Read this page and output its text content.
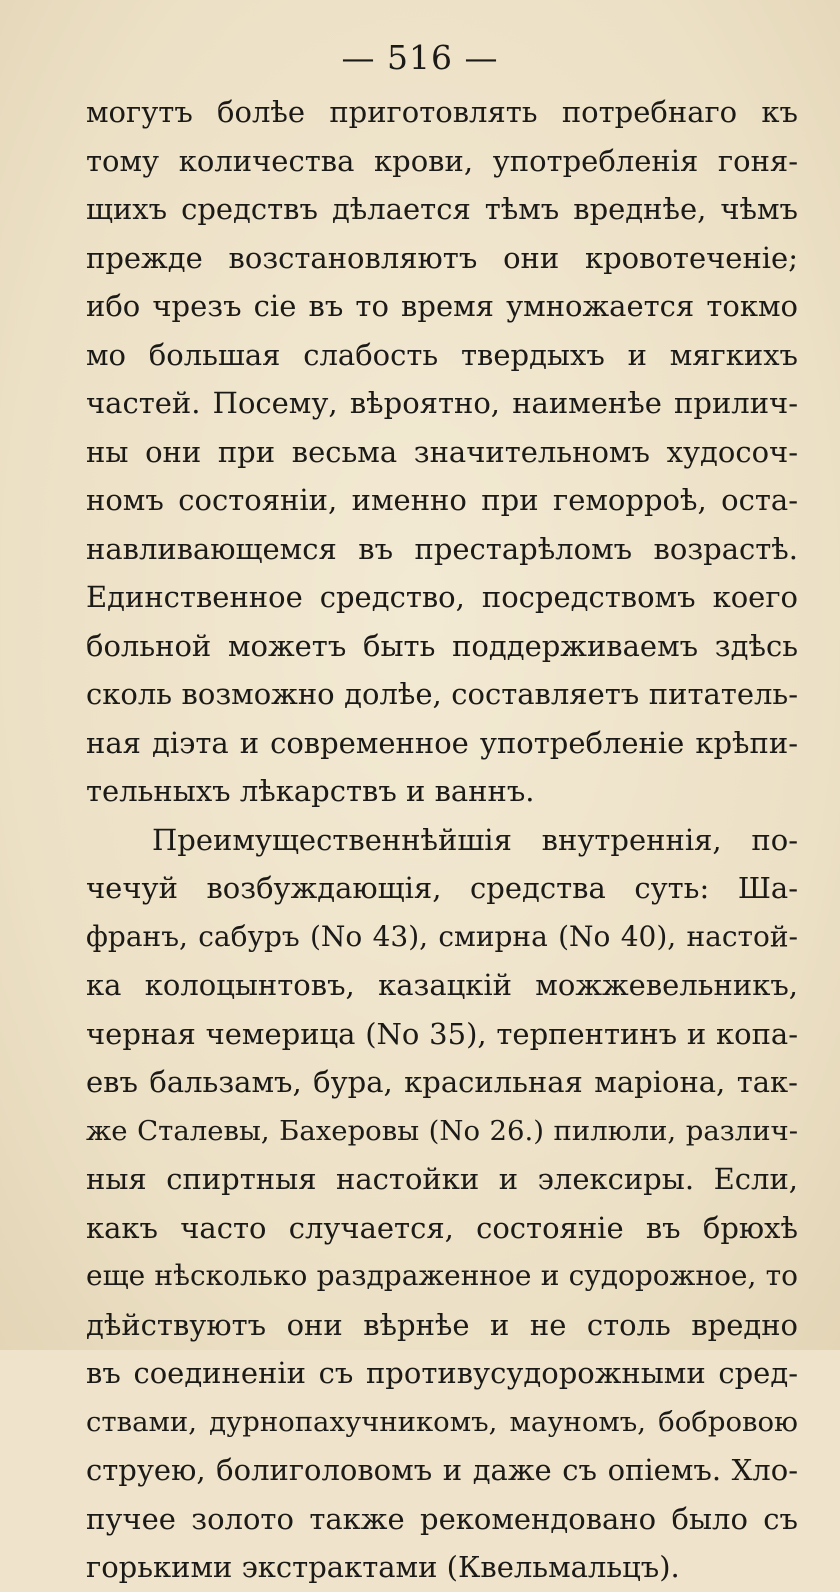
— 516 —
могутъ болѣе приготовлять потребнаго къ
тому количества крови, употребленія гоня-
щихъ средствъ дѣлается тѣмъ вреднѣе, чѣмъ
прежде возстановляютъ они кровотеченіе;
ибо чрезъ сіе въ то время умножается токмо
мо большая слабость твердыхъ и мягкихъ
частей. Посему, вѣроятно, наименѣе прилич-
ны они при весьма значительномъ худосоч-
номъ состояніи, именно при геморроѣ, оста-
навливающемся въ престарѣломъ возрастѣ.
Единственное средство, посредствомъ коего
больной можетъ быть поддерживаемъ здѣсь
сколь возможно долѣе, составляетъ питатель-
ная діэта и современное употребленіе крѣпи-
тельныхъ лѣкарствъ и ваннъ.
Преимущественнѣйшія внутреннія, по-
чечуй возбуждающія, средства суть: Ша-
франъ, сабуръ (No 43), смирна (No 40), настой-
ка колоцынтовъ, казацкій можжевельникъ,
черная чемерица (No 35), терпентинъ и копа-
евъ бальзамъ, бура, красильная маріона, так-
же Сталевы, Бахеровы (No 26.) пилюли, различ-
ныя спиртныя настойки и элексиры. Если,
какъ часто случается, состояніе въ брюхѣ
еще нѣсколько раздраженное и судорожное, то
дѣйствуютъ они вѣрнѣе и не столь вредно
въ соединеніи съ противусудорожными сред-
ствами, дурнопахучникомъ, мауномъ, бобровою
струею, болиголовомъ и даже съ опіемъ. Хло-
пучее золото также рекомендовано было съ
горькими экстрактами (Квельмальцъ).
